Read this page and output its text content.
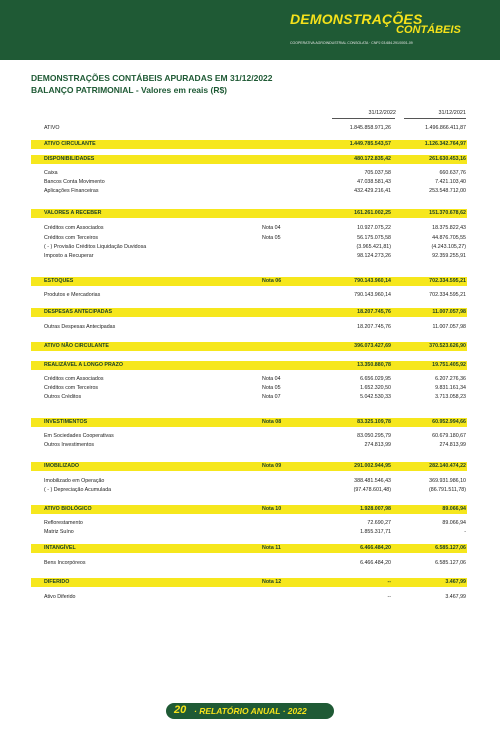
DEMONSTRAÇÕES
CONTÁBEIS
COOPERATIVA AGROINDUSTRIAL CONSOLATA · CNPJ 03.684.291/0001-09
DEMONSTRAÇÕES CONTÁBEIS APURADAS EM 31/12/2022
BALANÇO PATRIMONIAL - Valores em reais (R$)
31/12/2022	31/12/2021
ATIVO	1.845.858.971,26	1.496.866.411,87
ATIVO CIRCULANTE	1.449.785.543,57	1.126.342.764,97
DISPONIBILIDADES	480.172.835,42	261.630.453,16
Caixa	705.037,58	660.637,76
Bancos Conta Movimento	47.038.581,43	7.421.103,40
Aplicações Financeiras	432.429.216,41	253.548.712,00
VALORES A RECEBER	161.261.002,25	151.370.678,62
Créditos com Associados	Nota 04	10.927.075,22	18.375.822,43
Créditos com Terceiros	Nota 05	56.175.075,58	44.876.705,55
( - ) Provisão Créditos Liquidação Duvidosa	(3.965.421,81)	(4.243.105,27)
Imposto a Recuperar	98.124.273,26	92.359.255,91
ESTOQUES	Nota 06	790.143.960,14	702.334.595,21
Produtos e Mercadorias	790.143.960,14	702.334.595,21
DESPESAS ANTECIPADAS	18.207.745,76	11.007.057,98
Outras Despesas Antecipadas	18.207.745,76	11.007.057,98
ATIVO NÃO CIRCULANTE	396.073.427,69	370.523.626,90
REALIZÁVEL A LONGO PRAZO	13.350.880,78	19.751.405,92
Créditos com Associados	Nota 04	6.656.029,95	6.207.276,36
Créditos com Terceiros	Nota 05	1.652.320,50	9.831.161,34
Outros Créditos	Nota 07	5.042.530,33	3.713.058,23
INVESTIMENTOS	Nota 08	83.325.109,78	60.952.994,66
Em Sociedades Cooperativas	83.050.295,79	60.679.180,67
Outros Investimentos	274.813,99	274.813,99
IMOBILIZADO	Nota 09	291.002.944,95	282.140.474,22
Imobilizado em Operação	388.481.546,43	369.931.986,10
( - ) Depreciação Acumulada	(97.478.601,48)	(86.791.511,78)
ATIVO BIOLÓGICO	Nota 10	1.928.007,98	89.066,94
Reflorestamento	72.690,27	89.066,94
Matriz Suíno	1.855.317,71	-
INTANGÍVEL	Nota 11	6.466.484,20	6.585.127,06
Bens Incorpóreos	6.466.484,20	6.585.127,06
DIFERIDO	Nota 12	--	3.467,99
Ativo Diferido	--	3.467,99
20 · RELATÓRIO ANUAL · 2022
